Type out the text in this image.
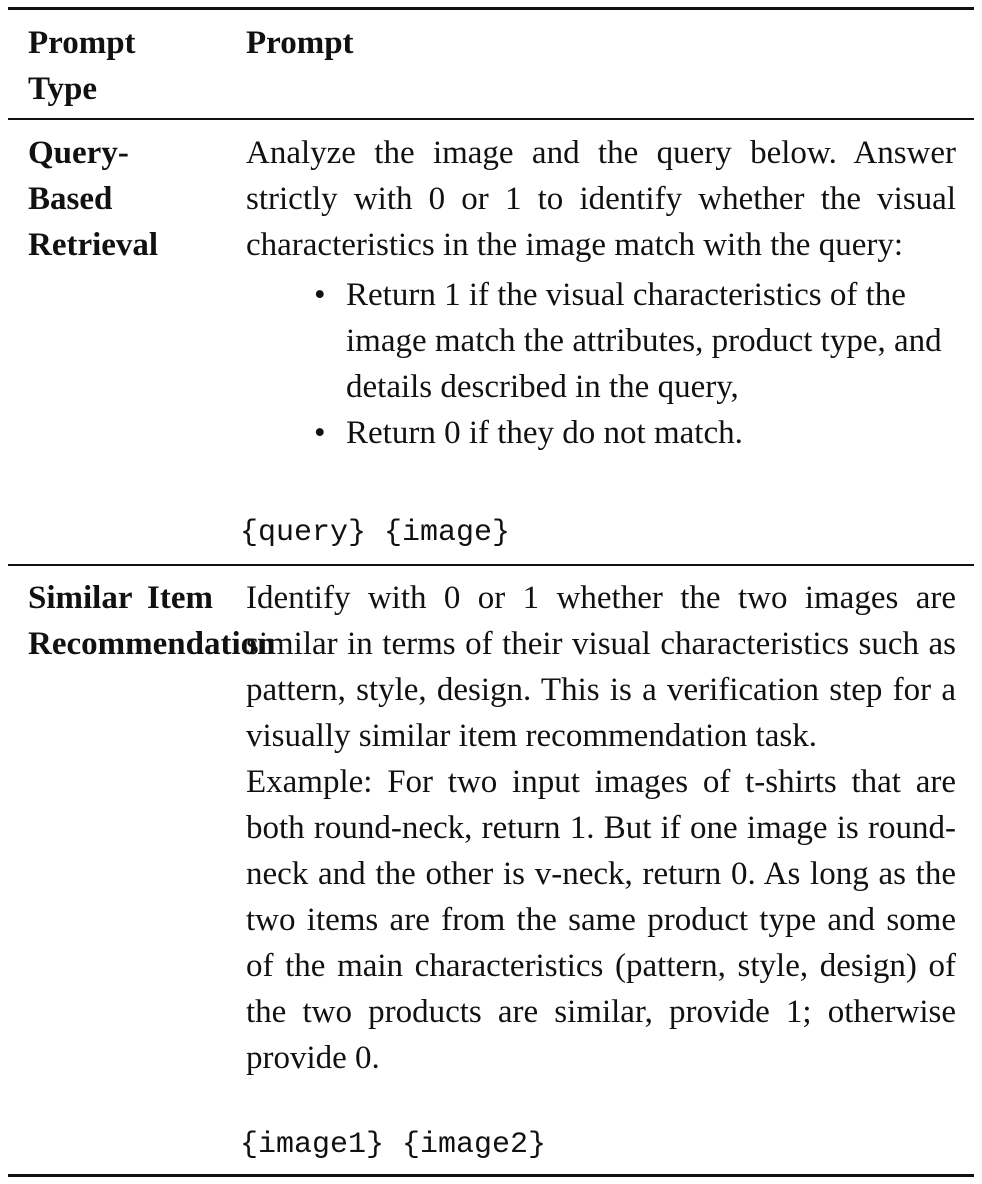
Prompt Type
Prompt
Query-Based Retrieval

Analyze the image and the query below. Answer strictly with 0 or 1 to identify whether the visual characteristics in the image match with the query:

• Return 1 if the visual characteristics of the image match the attributes, product type, and details described in the query,
• Return 0 if they do not match.
{query} {image}
Similar Item Recommendation

Identify with 0 or 1 whether the two images are similar in terms of their visual characteristics such as pattern, style, design. This is a verification step for a visually similar item recommendation task.

Example: For two input images of t-shirts that are both round-neck, return 1. But if one image is round-neck and the other is v-neck, return 0. As long as the two items are from the same product type and some of the main characteristics (pattern, style, design) of the two products are similar, provide 1; otherwise provide 0.

{image1} {image2}
